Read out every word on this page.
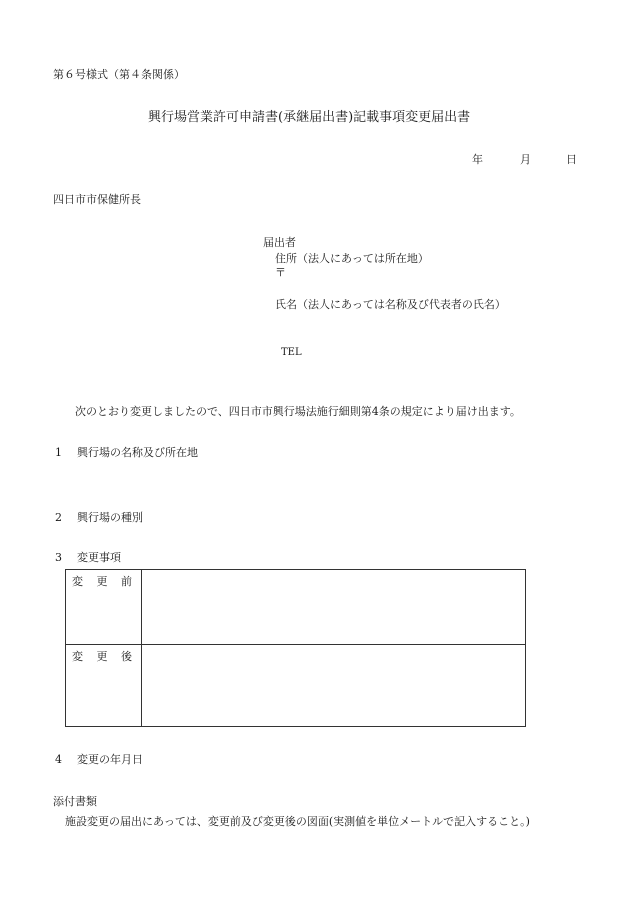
第６号様式（第４条関係）
興行場営業許可申請書(承継届出書)記載事項変更届出書
年	月	日
四日市市保健所長
届出者
住所（法人にあっては所在地）
〒
氏名（法人にあっては名称及び代表者の氏名）
TEL
次のとおり変更しましたので、四日市市興行場法施行細則第4条の規定により届け出ます。
1 興行場の名称及び所在地
2 興行場の種別
3 変更事項
変 更 前
変 更 後
4 変更の年月日
添付書類
施設変更の届出にあっては、変更前及び変更後の図面(実測値を単位メートルで記入すること。)
